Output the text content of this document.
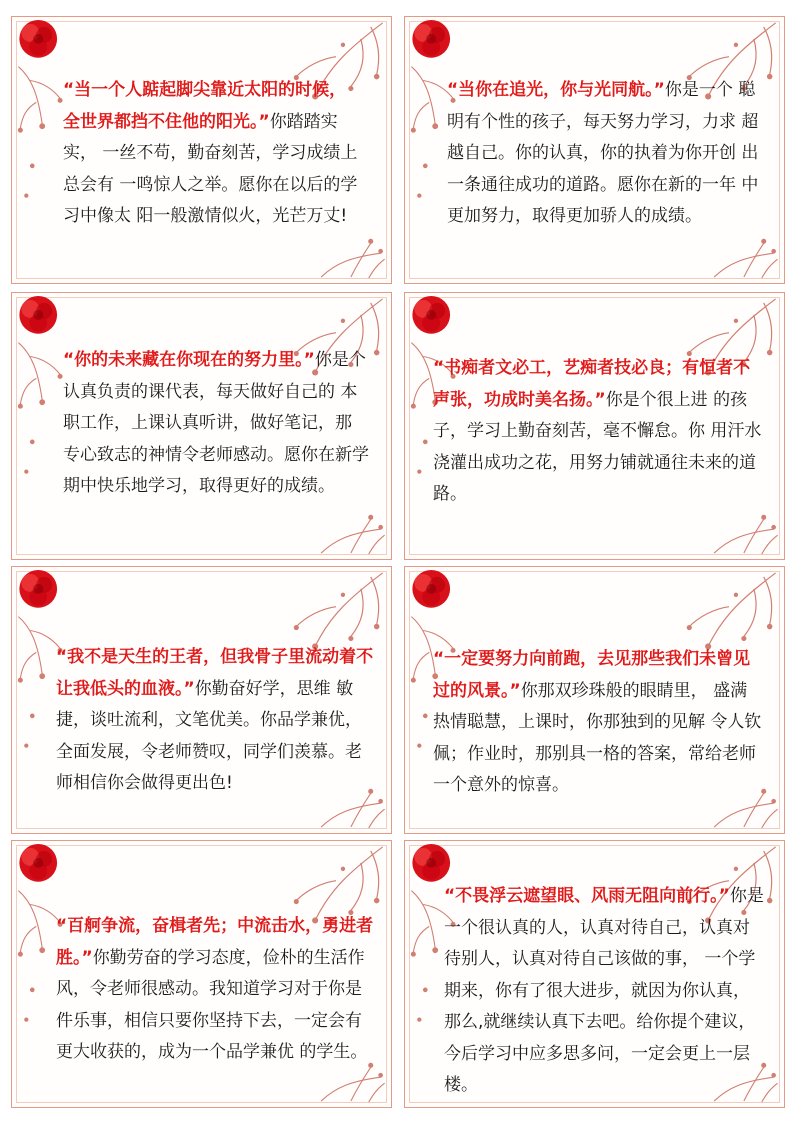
“当一个人踮起脚尖靠近太阳的时候， 全世界都挡不住他的阳光。”你踏踏实实， 一丝不苟，勤奋刻苦，学习成绩上总会有 一鸣惊人之举。愿你在以后的学习中像太 阳一般激情似火，光芒万丈!
“当你在追光，你与光同航。”你是一个 聪明有个性的孩子，每天努力学习，力求 超越自己。你的认真，你的执着为你开创 出一条通往成功的道路。愿你在新的一年 中更加努力，取得更加骄人的成绩。
“你的未来藏在你现在的努力里。”你是个认真负责的课代表，每天做好自己的 本职工作，上课认真听讲，做好笔记，那 专心致志的神情令老师感动。愿你在新学 期中快乐地学习，取得更好的成绩。
“书痴者文必工，艺痴者技必良；有恒者不声张，功成时美名扬。”你是个很上进 的孩子，学习上勤奋刻苦，毫不懈怠。你 用汗水浇灌出成功之花，用努力铺就通往未来的道路。
“我不是天生的王者，但我骨子里流动着不让我低头的血液。”你勤奋好学，思维 敏捷，谈吐流利，文笔优美。你品学兼优， 全面发展，令老师赞叹，同学们羡慕。老师相信你会做得更出色!
“一定要努力向前跑，去见那些我们未曾见过的风景。”你那双珍珠般的眼睛里， 盛满热情聪慧，上课时，你那独到的见解 令人钦佩；作业时，那别具一格的答案，常给老师一个意外的惊喜。
“百舸争流，奋楫者先；中流击水，勇进者胜。”你勤劳奋的学习态度，俭朴的生活作风，令老师很感动。我知道学习对于你是件乐事，相信只要你坚持下去，一定会有更大收获的，成为一个品学兼优 的学生。
“不畏浮云遮望眼、风雨无阻向前行。”你是一个很认真的人，认真对待自己，认真对待别人，认真对待自己该做的事， 一个学期来，你有了很大进步，就因为你认真，那么,就继续认真下去吧。给你提个建议，今后学习中应多思多问，一定会更上一层楼。
